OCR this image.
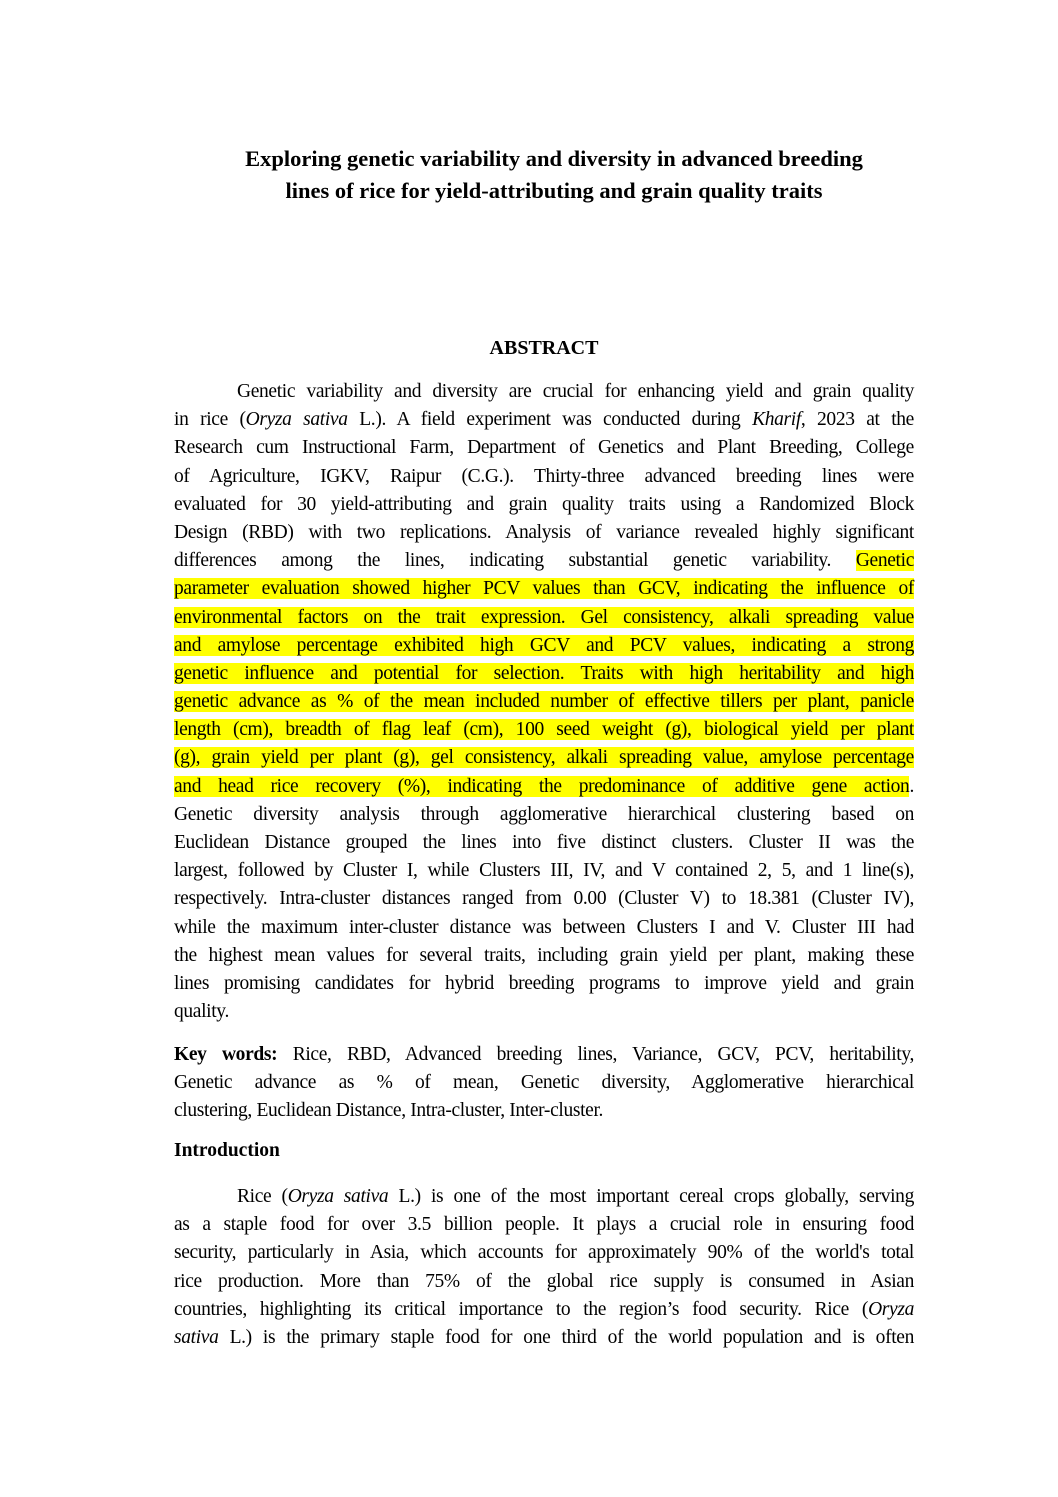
Exploring genetic variability and diversity in advanced breeding
lines of rice for yield-attributing and grain quality traits
ABSTRACT
Genetic variability and diversity are crucial for enhancing yield and grain quality
in rice (Oryza sativa L.). A field experiment was conducted during Kharif, 2023 at the
Research cum Instructional Farm, Department of Genetics and Plant Breeding, College
of Agriculture, IGKV, Raipur (C.G.). Thirty-three advanced breeding lines were
evaluated for 30 yield-attributing and grain quality traits using a Randomized Block
Design (RBD) with two replications. Analysis of variance revealed highly significant
differences among the lines, indicating substantial genetic variability. Genetic
parameter evaluation showed higher PCV values than GCV, indicating the influence of
environmental factors on the trait expression. Gel consistency, alkali spreading value
and amylose percentage exhibited high GCV and PCV values, indicating a strong
genetic influence and potential for selection. Traits with high heritability and high
genetic advance as % of the mean included number of effective tillers per plant, panicle
length (cm), breadth of flag leaf (cm), 100 seed weight (g), biological yield per plant
(g), grain yield per plant (g), gel consistency, alkali spreading value, amylose percentage
and head rice recovery (%), indicating the predominance of additive gene action.
Genetic diversity analysis through agglomerative hierarchical clustering based on
Euclidean Distance grouped the lines into five distinct clusters. Cluster II was the
largest, followed by Cluster I, while Clusters III, IV, and V contained 2, 5, and 1 line(s),
respectively. Intra-cluster distances ranged from 0.00 (Cluster V) to 18.381 (Cluster IV),
while the maximum inter-cluster distance was between Clusters I and V. Cluster III had
the highest mean values for several traits, including grain yield per plant, making these
lines promising candidates for hybrid breeding programs to improve yield and grain
quality.
Key words: Rice, RBD, Advanced breeding lines, Variance, GCV, PCV, heritability,
Genetic advance as % of mean, Genetic diversity, Agglomerative hierarchical
clustering, Euclidean Distance, Intra-cluster, Inter-cluster.
Introduction
Rice (Oryza sativa L.) is one of the most important cereal crops globally, serving
as a staple food for over 3.5 billion people. It plays a crucial role in ensuring food
security, particularly in Asia, which accounts for approximately 90% of the world's total
rice production. More than 75% of the global rice supply is consumed in Asian
countries, highlighting its critical importance to the region’s food security. Rice (Oryza
sativa L.) is the primary staple food for one third of the world population and is often
